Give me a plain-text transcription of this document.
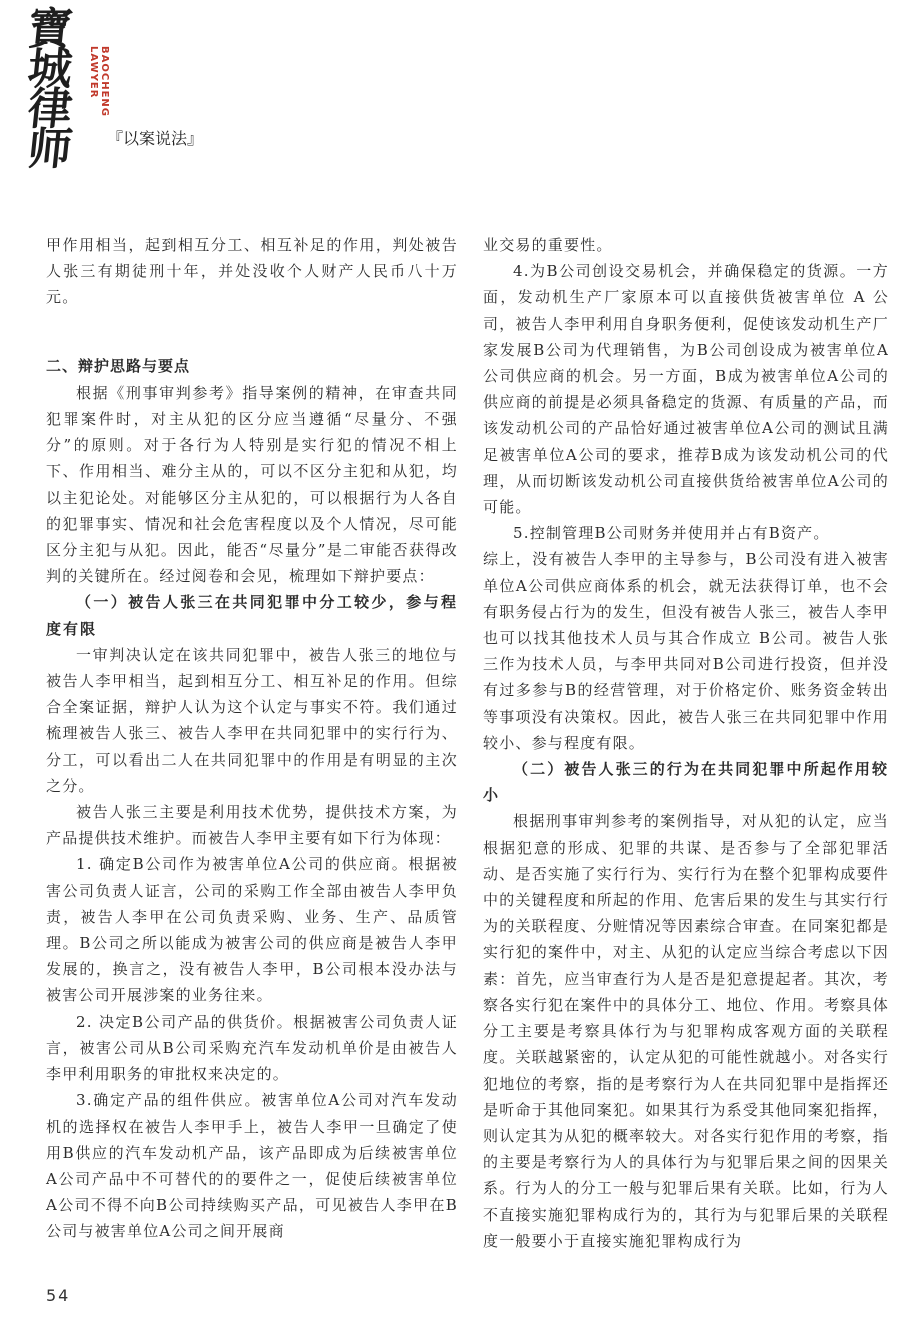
寶
城
律
师
BAOCHENG LAWYER
『以案说法』

甲作用相当，起到相互分工、相互补足的作用，判处被告人张三有期徒刑十年，并处没收个人财产人民币八十万元。

二、辩护思路与要点

根据《刑事审判参考》指导案例的精神，在审查共同犯罪案件时，对主从犯的区分应当遵循“尽量分、不强分”的原则。对于各行为人特别是实行犯的情况不相上下、作用相当、难分主从的，可以不区分主犯和从犯，均以主犯论处。对能够区分主从犯的，可以根据行为人各自的犯罪事实、情况和社会危害程度以及个人情况，尽可能区分主犯与从犯。因此，能否“尽量分”是二审能否获得改判的关键所在。经过阅卷和会见，梳理如下辩护要点：

（一）被告人张三在共同犯罪中分工较少，参与程度有限

一审判决认定在该共同犯罪中，被告人张三的地位与被告人李甲相当，起到相互分工、相互补足的作用。但综合全案证据，辩护人认为这个认定与事实不符。我们通过梳理被告人张三、被告人李甲在共同犯罪中的实行行为、分工，可以看出二人在共同犯罪中的作用是有明显的主次之分。

被告人张三主要是利用技术优势，提供技术方案，为产品提供技术维护。而被告人李甲主要有如下行为体现：

1. 确定B公司作为被害单位A公司的供应商。根据被害公司负责人证言，公司的采购工作全部由被告人李甲负责，被告人李甲在公司负责采购、业务、生产、品质管理。B公司之所以能成为被害公司的供应商是被告人李甲发展的，换言之，没有被告人李甲，B公司根本没办法与被害公司开展涉案的业务往来。

2. 决定B公司产品的供货价。根据被害公司负责人证言，被害公司从B公司采购充汽车发动机单价是由被告人李甲利用职务的审批权来决定的。

3.确定产品的组件供应。被害单位A公司对汽车发动机的选择权在被告人李甲手上，被告人李甲一旦确定了使用B供应的汽车发动机产品，该产品即成为后续被害单位A公司产品中不可替代的的要件之一，促使后续被害单位A公司不得不向B公司持续购买产品，可见被告人李甲在B公司与被害单位A公司之间开展商

业交易的重要性。

4.为B公司创设交易机会，并确保稳定的货源。一方面，发动机生产厂家原本可以直接供货被害单位 A 公司，被告人李甲利用自身职务便利，促使该发动机生产厂家发展B公司为代理销售，为B公司创设成为被害单位A公司供应商的机会。另一方面，B成为被害单位A公司的供应商的前提是必须具备稳定的货源、有质量的产品，而该发动机公司的产品恰好通过被害单位A公司的测试且满足被害单位A公司的要求，推荐B成为该发动机公司的代理，从而切断该发动机公司直接供货给被害单位A公司的可能。

5.控制管理B公司财务并使用并占有B资产。

综上，没有被告人李甲的主导参与，B公司没有进入被害单位A公司供应商体系的机会，就无法获得订单，也不会有职务侵占行为的发生，但没有被告人张三，被告人李甲也可以找其他技术人员与其合作成立 B公司。被告人张三作为技术人员，与李甲共同对B公司进行投资，但并没有过多参与B的经营管理，对于价格定价、账务资金转出等事项没有决策权。因此，被告人张三在共同犯罪中作用较小、参与程度有限。

（二）被告人张三的行为在共同犯罪中所起作用较小

根据刑事审判参考的案例指导，对从犯的认定，应当根据犯意的形成、犯罪的共谋、是否参与了全部犯罪活动、是否实施了实行行为、实行行为在整个犯罪构成要件中的关键程度和所起的作用、危害后果的发生与其实行行为的关联程度、分赃情况等因素综合审查。在同案犯都是实行犯的案件中，对主、从犯的认定应当综合考虑以下因素：首先，应当审查行为人是否是犯意提起者。其次，考察各实行犯在案件中的具体分工、地位、作用。考察具体分工主要是考察具体行为与犯罪构成客观方面的关联程度。关联越紧密的，认定从犯的可能性就越小。对各实行犯地位的考察，指的是考察行为人在共同犯罪中是指挥还是听命于其他同案犯。如果其行为系受其他同案犯指挥，则认定其为从犯的概率较大。对各实行犯作用的考察，指的主要是考察行为人的具体行为与犯罪后果之间的因果关系。行为人的分工一般与犯罪后果有关联。比如，行为人不直接实施犯罪构成行为的，其行为与犯罪后果的关联程度一般要小于直接实施犯罪构成行为

54
